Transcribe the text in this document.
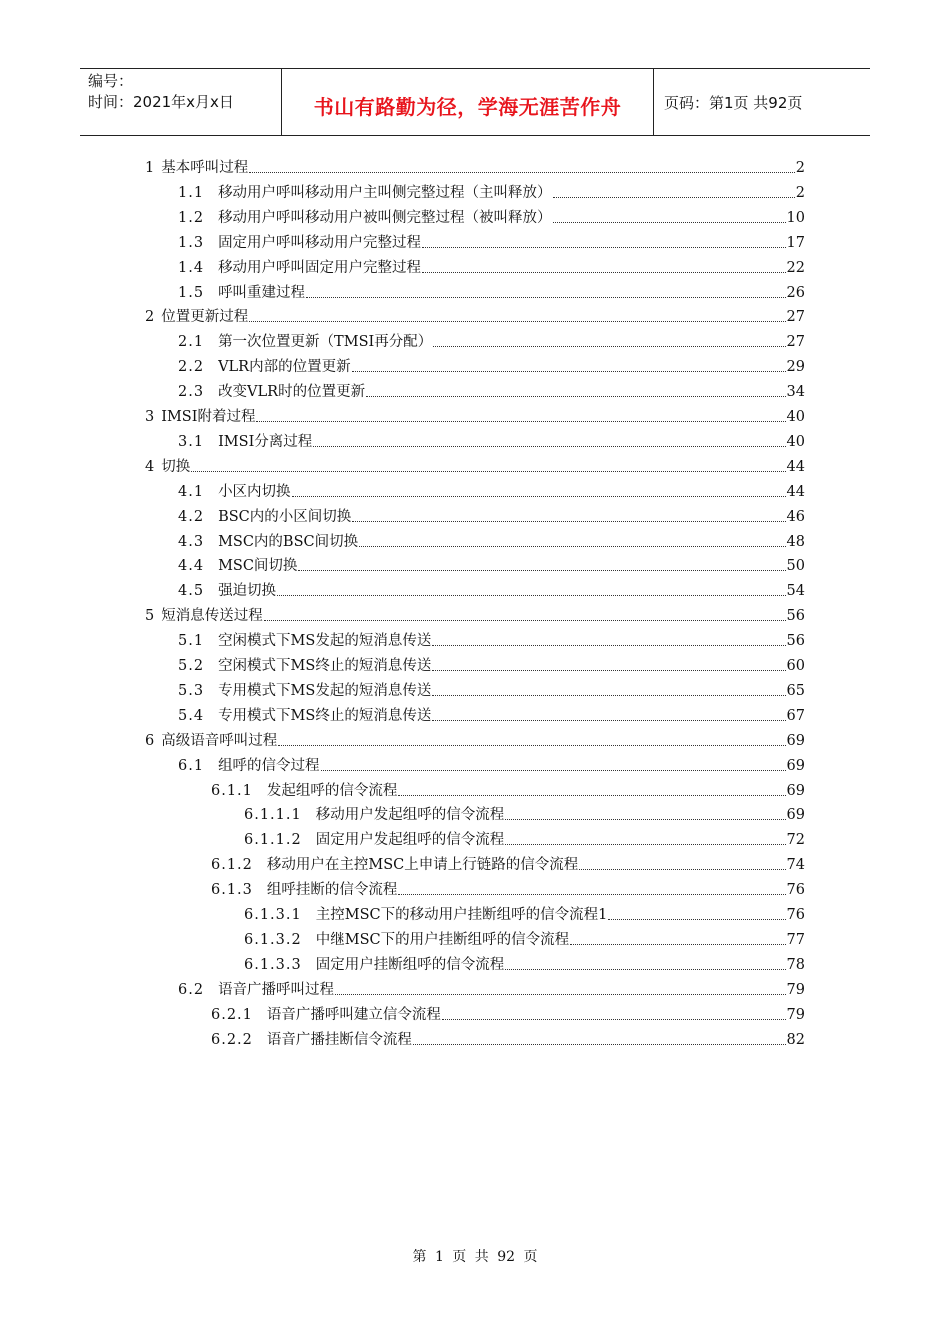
编号：
时间：2021年x月x日	书山有路勤为径，学海无涯苦作舟	页码：第1页 共92页
1 基本呼叫过程	2
1.1 移动用户呼叫移动用户主叫侧完整过程（主叫释放）	2
1.2 移动用户呼叫移动用户被叫侧完整过程（被叫释放）	10
1.3 固定用户呼叫移动用户完整过程	17
1.4 移动用户呼叫固定用户完整过程	22
1.5 呼叫重建过程	26
2 位置更新过程	27
2.1 第一次位置更新（TMSI再分配）	27
2.2 VLR内部的位置更新	29
2.3 改变VLR时的位置更新	34
3 IMSI附着过程	40
3.1 IMSI分离过程	40
4 切换	44
4.1 小区内切换	44
4.2 BSC内的小区间切换	46
4.3 MSC内的BSC间切换	48
4.4 MSC间切换	50
4.5 强迫切换	54
5 短消息传送过程	56
5.1 空闲模式下MS发起的短消息传送	56
5.2 空闲模式下MS终止的短消息传送	60
5.3 专用模式下MS发起的短消息传送	65
5.4 专用模式下MS终止的短消息传送	67
6 高级语音呼叫过程	69
6.1 组呼的信令过程	69
6.1.1 发起组呼的信令流程	69
6.1.1.1 移动用户发起组呼的信令流程	69
6.1.1.2 固定用户发起组呼的信令流程	72
6.1.2 移动用户在主控MSC上申请上行链路的信令流程	74
6.1.3 组呼挂断的信令流程	76
6.1.3.1 主控MSC下的移动用户挂断组呼的信令流程1	76
6.1.3.2 中继MSC下的用户挂断组呼的信令流程	77
6.1.3.3 固定用户挂断组呼的信令流程	78
6.2 语音广播呼叫过程	79
6.2.1 语音广播呼叫建立信令流程	79
6.2.2 语音广播挂断信令流程	82
第 1 页 共 92 页
